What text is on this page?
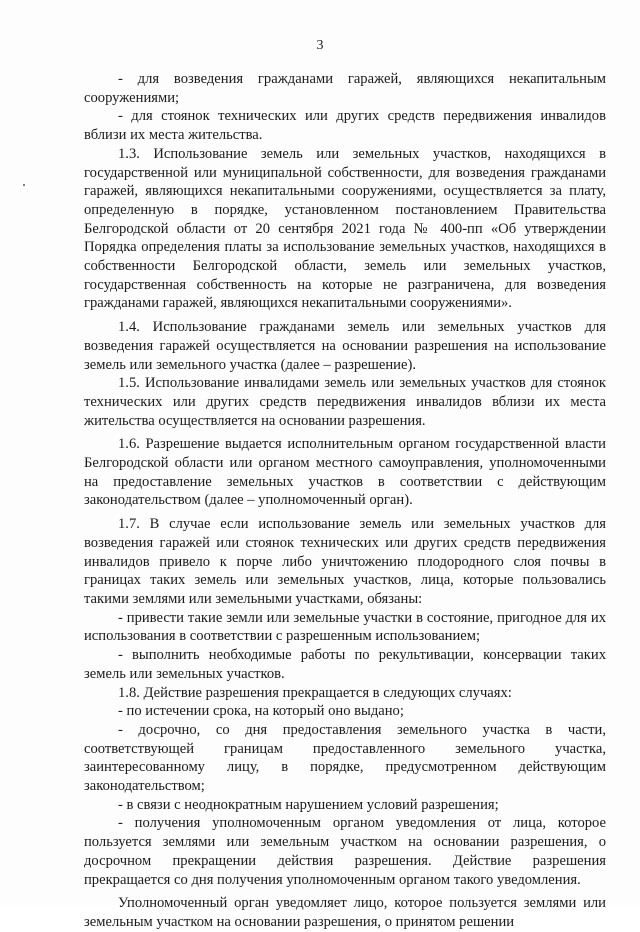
3

- для возведения гражданами гаражей, являющихся некапитальным сооружениями;

- для стоянок технических или других средств передвижения инвалидов вблизи их места жительства.

1.3. Использование земель или земельных участков, находящихся в государственной или муниципальной собственности, для возведения гражданами гаражей, являющихся некапитальными сооружениями, осуществляется за плату, определенную в порядке, установленном постановлением Правительства Белгородской области от 20 сентября 2021 года № 400-пп «Об утверждении Порядка определения платы за использование земельных участков, находящихся в собственности Белгородской области, земель или земельных участков, государственная собственность на которые не разграничена, для возведения гражданами гаражей, являющихся некапитальными сооружениями».

1.4. Использование гражданами земель или земельных участков для возведения гаражей осуществляется на основании разрешения на использование земель или земельного участка (далее – разрешение).

1.5. Использование инвалидами земель или земельных участков для стоянок технических или других средств передвижения инвалидов вблизи их места жительства осуществляется на основании разрешения.

1.6. Разрешение выдается исполнительным органом государственной власти Белгородской области или органом местного самоуправления, уполномоченными на предоставление земельных участков в соответствии с действующим законодательством (далее – уполномоченный орган).

1.7. В случае если использование земель или земельных участков для возведения гаражей или стоянок технических или других средств передвижения инвалидов привело к порче либо уничтожению плодородного слоя почвы в границах таких земель или земельных участков, лица, которые пользовались такими землями или земельными участками, обязаны:

- привести такие земли или земельные участки в состояние, пригодное для их использования в соответствии с разрешенным использованием;

- выполнить необходимые работы по рекультивации, консервации таких земель или земельных участков.

1.8. Действие разрешения прекращается в следующих случаях:

- по истечении срока, на который оно выдано;

- досрочно, со дня предоставления земельного участка в части, соответствующей границам предоставленного земельного участка, заинтересованному лицу, в порядке, предусмотренном действующим законодательством;

- в связи с неоднократным нарушением условий разрешения;

- получения уполномоченным органом уведомления от лица, которое пользуется землями или земельным участком на основании разрешения, о досрочном прекращении действия разрешения. Действие разрешения прекращается со дня получения уполномоченным органом такого уведомления.

Уполномоченный орган уведомляет лицо, которое пользуется землями или земельным участком на основании разрешения, о принятом решении
